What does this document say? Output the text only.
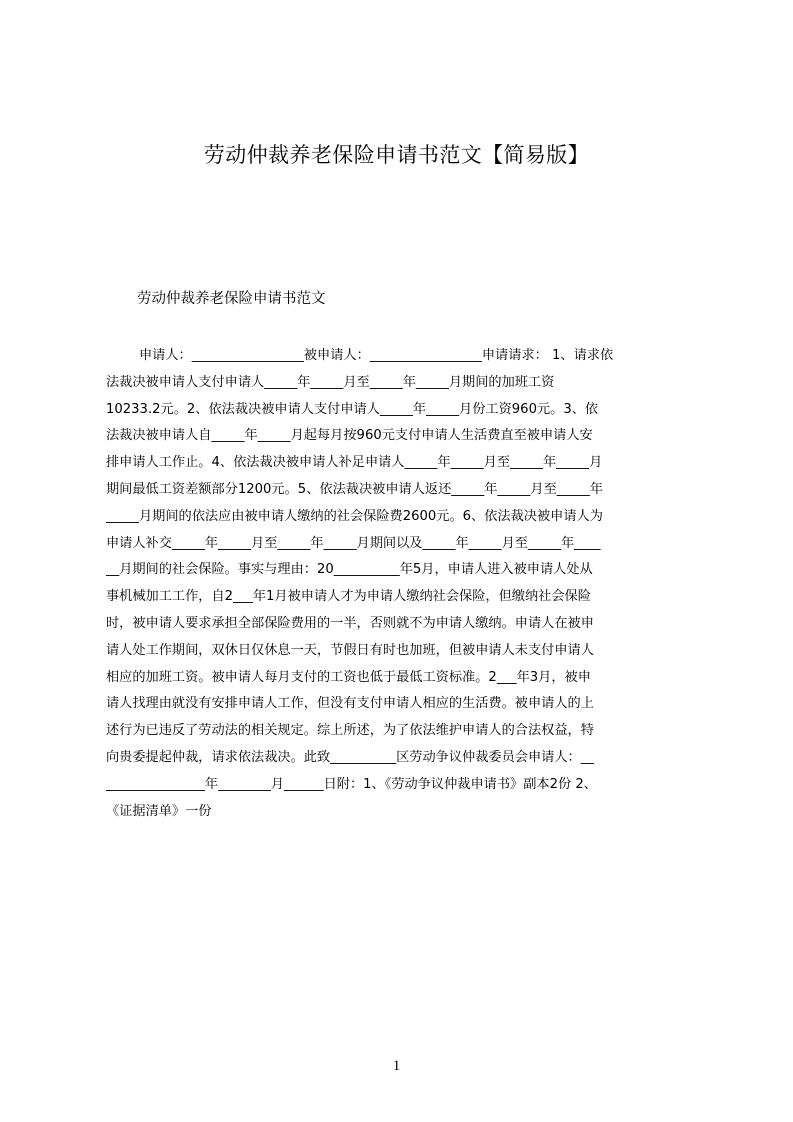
劳动仲裁养老保险申请书范文【简易版】
劳动仲裁养老保险申请书范文
申请人：_________________被申请人：_________________申请请求： 1、请求依
法裁决被申请人支付申请人_____年_____月至_____年_____月期间的加班工资
10233.2元。2、依法裁决被申请人支付申请人_____年_____月份工资960元。3、依
法裁决被申请人自_____年_____月起每月按960元支付申请人生活费直至被申请人安
排申请人工作止。4、依法裁决被申请人补足申请人_____年_____月至_____年_____月
期间最低工资差额部分1200元。5、依法裁决被申请人返还_____年_____月至_____年
_____月期间的依法应由被申请人缴纳的社会保险费2600元。6、依法裁决被申请人为
申请人补交_____年_____月至_____年_____月期间以及_____年_____月至_____年____
__月期间的社会保险。事实与理由：20__________年5月，申请人进入被申请人处从
事机械加工工作，自2___年1月被申请人才为申请人缴纳社会保险，但缴纳社会保险
时，被申请人要求承担全部保险费用的一半，否则就不为申请人缴纳。申请人在被申
请人处工作期间，双休日仅休息一天，节假日有时也加班，但被申请人未支付申请人
相应的加班工资。被申请人每月支付的工资也低于最低工资标准。2___年3月，被申
请人找理由就没有安排申请人工作，但没有支付申请人相应的生活费。被申请人的上
述行为已违反了劳动法的相关规定。综上所述，为了依法维护申请人的合法权益，特
向贵委提起仲裁，请求依法裁决。此致__________区劳动争议仲裁委员会申请人：__
_______________年________月______日附：1、《劳动争议仲裁申请书》副本2份 2、
《证据清单》一份
1
